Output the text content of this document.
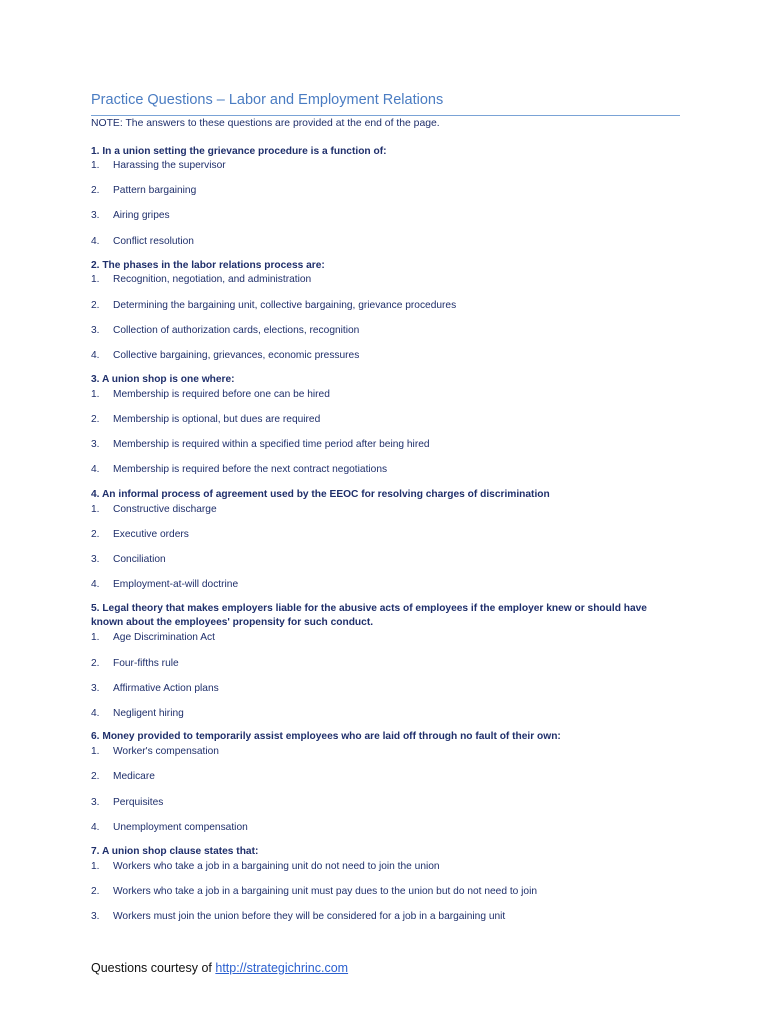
Practice Questions – Labor and Employment Relations
NOTE: The answers to these questions are provided at the end of the page.
1. In a union setting the grievance procedure is a function of:
1. Harassing the supervisor
2. Pattern bargaining
3. Airing gripes
4. Conflict resolution
2. The phases in the labor relations process are:
1. Recognition, negotiation, and administration
2. Determining the bargaining unit, collective bargaining, grievance procedures
3. Collection of authorization cards, elections, recognition
4. Collective bargaining, grievances, economic pressures
3. A union shop is one where:
1. Membership is required before one can be hired
2. Membership is optional, but dues are required
3. Membership is required within a specified time period after being hired
4. Membership is required before the next contract negotiations
4. An informal process of agreement used by the EEOC for resolving charges of discrimination
1. Constructive discharge
2. Executive orders
3. Conciliation
4. Employment-at-will doctrine
5. Legal theory that makes employers liable for the abusive acts of employees if the employer knew or should have known about the employees' propensity for such conduct.
1. Age Discrimination Act
2. Four-fifths rule
3. Affirmative Action plans
4. Negligent hiring
6. Money provided to temporarily assist employees who are laid off through no fault of their own:
1. Worker's compensation
2. Medicare
3. Perquisites
4. Unemployment compensation
7. A union shop clause states that:
1. Workers who take a job in a bargaining unit do not need to join the union
2. Workers who take a job in a bargaining unit must pay dues to the union but do not need to join
3. Workers must join the union before they will be considered for a job in a bargaining unit
Questions courtesy of http://strategichrinc.com
